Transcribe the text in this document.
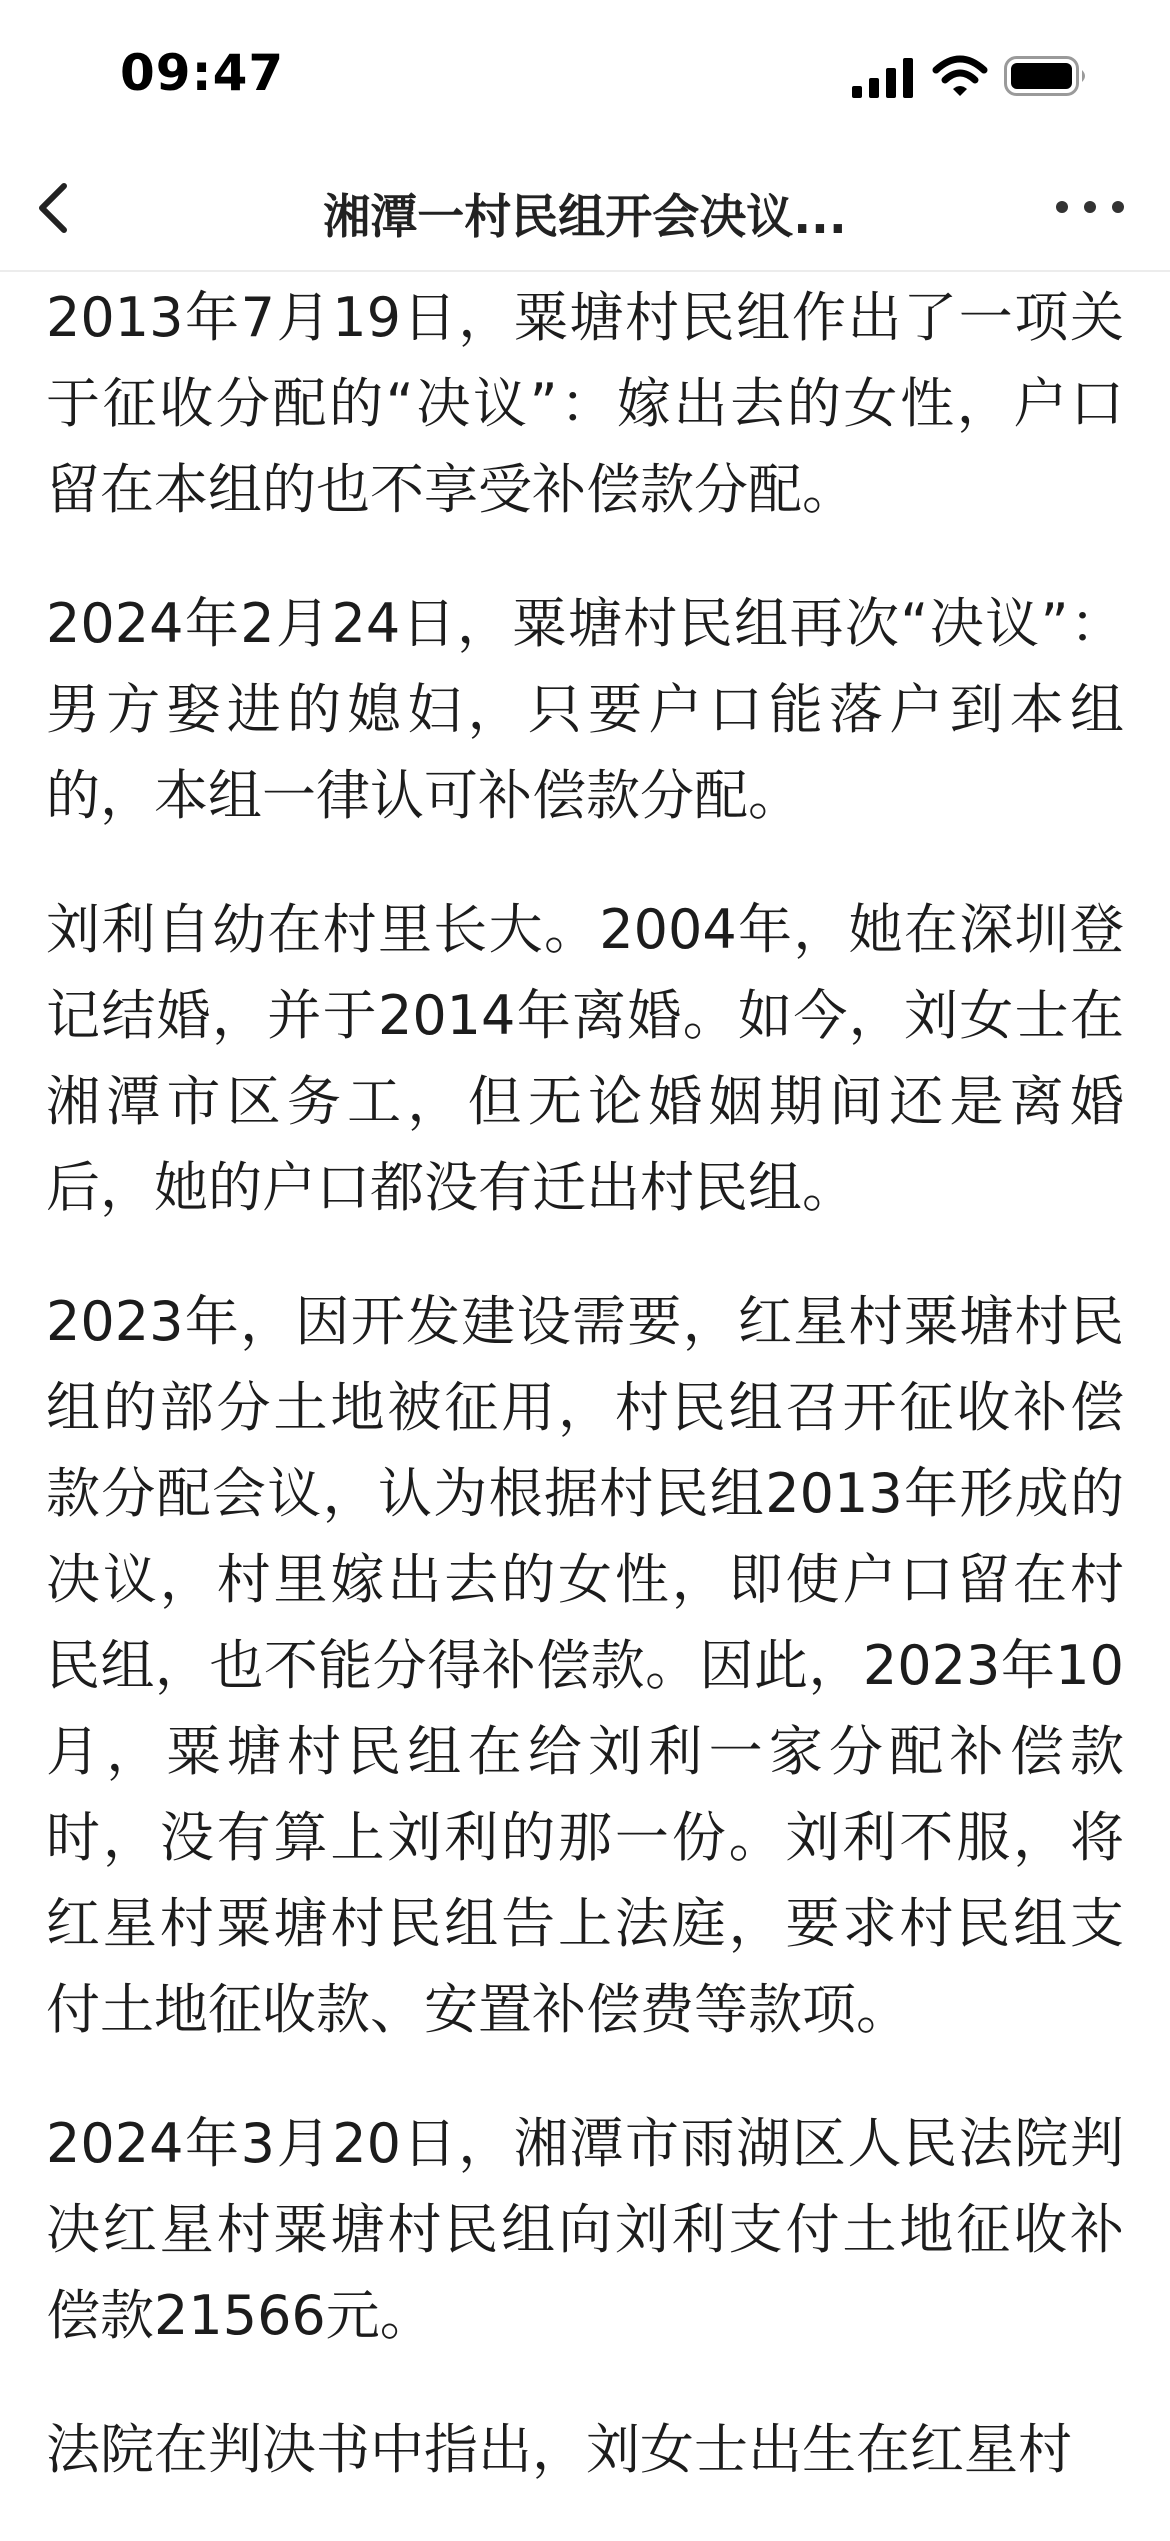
09:47
湘潭一村民组开会决议...

2013年7月19日，粟塘村民组作出了一项关于征收分配的“决议”：嫁出去的女性，户口留在本组的也不享受补偿款分配。

2024年2月24日，粟塘村民组再次“决议”：男方娶进的媳妇，只要户口能落户到本组的，本组一律认可补偿款分配。

刘利自幼在村里长大。2004年，她在深圳登记结婚，并于2014年离婚。如今，刘女士在湘潭市区务工，但无论婚姻期间还是离婚后，她的户口都没有迁出村民组。

2023年，因开发建设需要，红星村粟塘村民组的部分土地被征用，村民组召开征收补偿款分配会议，认为根据村民组2013年形成的决议，村里嫁出去的女性，即使户口留在村民组，也不能分得补偿款。因此，2023年10月，粟塘村民组在给刘利一家分配补偿款时，没有算上刘利的那一份。刘利不服，将红星村粟塘村民组告上法庭，要求村民组支付土地征收款、安置补偿费等款项。

2024年3月20日，湘潭市雨湖区人民法院判决红星村粟塘村民组向刘利支付土地征收补偿款21566元。

法院在判决书中指出，刘女士出生在红星村
